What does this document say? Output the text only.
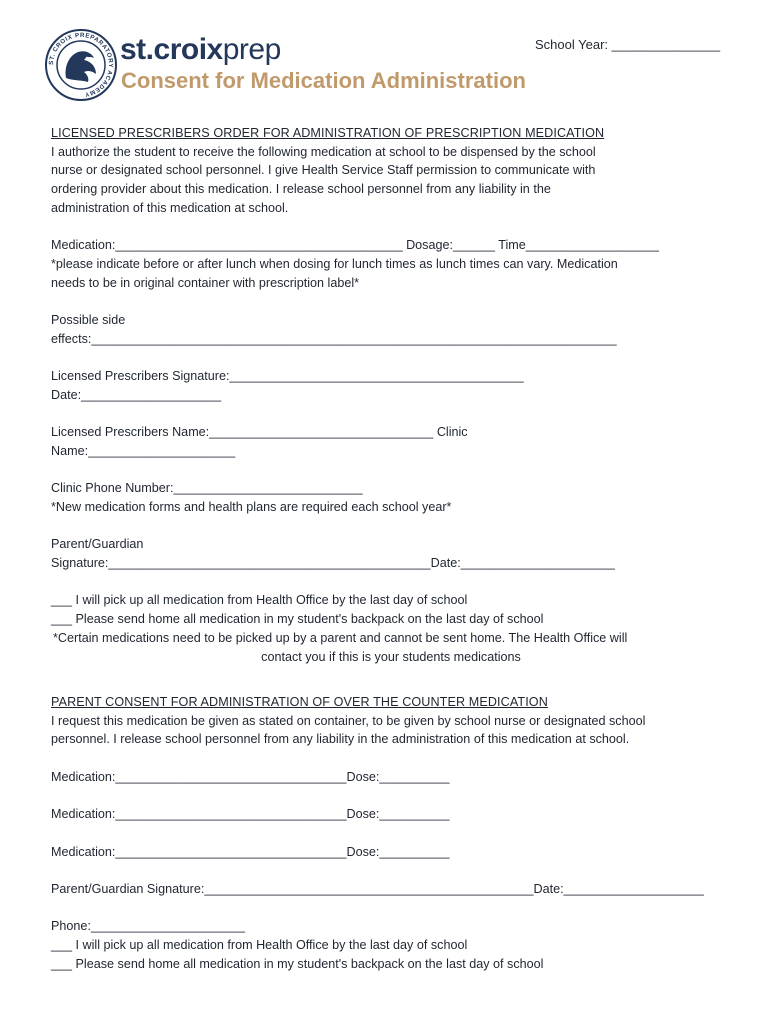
ST. CROIX PREPARATORY ACADEMY
st.croixprep
Consent for Medication Administration
School Year: _______________
LICENSED PRESCRIBERS ORDER FOR ADMINISTRATION OF PRESCRIPTION MEDICATION
I authorize the student to receive the following medication at school to be dispensed by the school
nurse or designated school personnel. I give Health Service Staff permission to communicate with
ordering provider about this medication. I release school personnel from any liability in the
administration of this medication at school.
Medication:_________________________________________ Dosage:______ Time___________________
*please indicate before or after lunch when dosing for lunch times as lunch times can vary. Medication
needs to be in original container with prescription label*
Possible side
effects:___________________________________________________________________________
Licensed Prescribers Signature:__________________________________________
Date:____________________
Licensed Prescribers Name:________________________________ Clinic
Name:_____________________
Clinic Phone Number:___________________________
*New medication forms and health plans are required each school year*
Parent/Guardian
Signature:______________________________________________Date:______________________
___ I will pick up all medication from Health Office by the last day of school
___ Please send home all medication in my student's backpack on the last day of school
*Certain medications need to be picked up by a parent and cannot be sent home. The Health Office will
contact you if this is your students medications
PARENT CONSENT FOR ADMINISTRATION OF OVER THE COUNTER MEDICATION
I request this medication be given as stated on container, to be given by school nurse or designated school
personnel. I release school personnel from any liability in the administration of this medication at school.
Medication:_________________________________Dose:__________
Medication:_________________________________Dose:__________
Medication:_________________________________Dose:__________
Parent/Guardian Signature:_______________________________________________Date:____________________
Phone:______________________
___ I will pick up all medication from Health Office by the last day of school
___ Please send home all medication in my student's backpack on the last day of school
